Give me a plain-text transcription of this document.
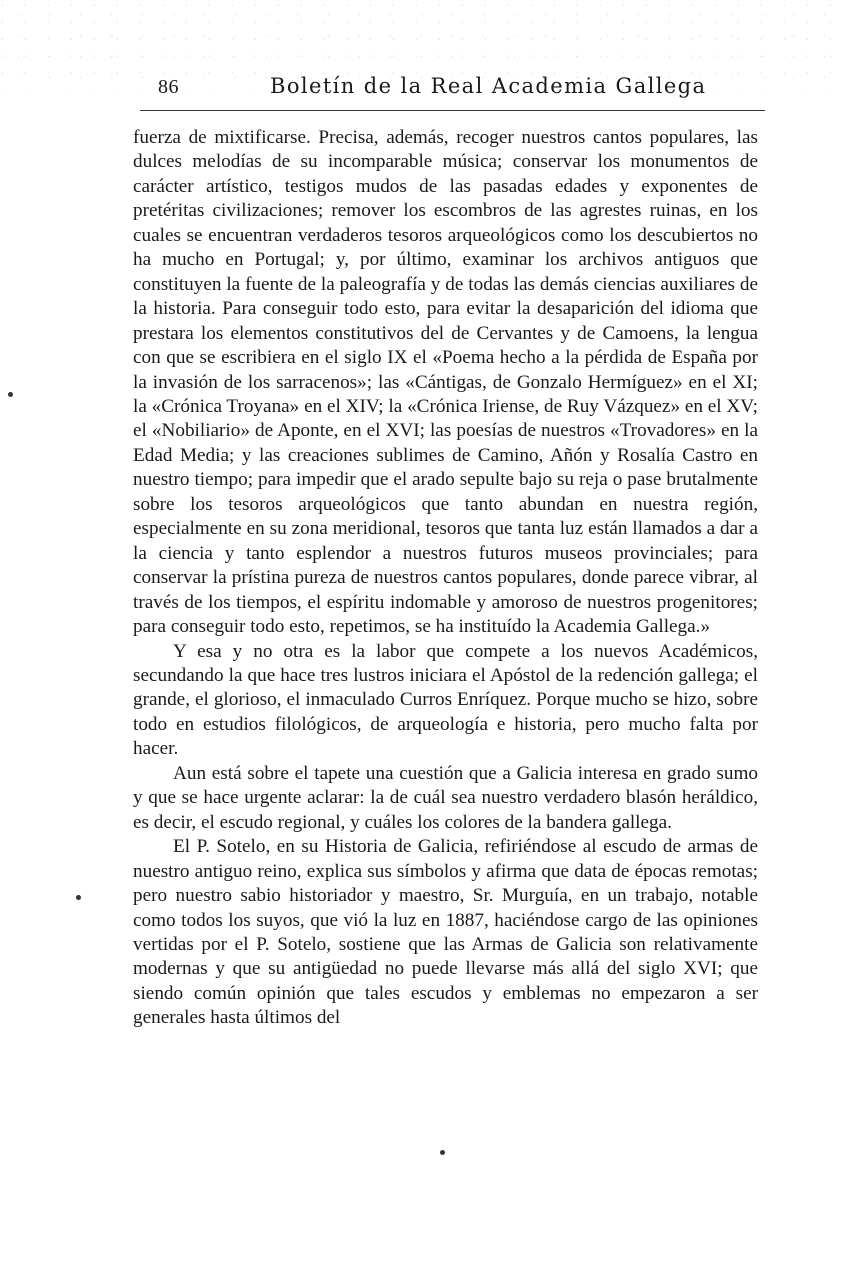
86	Boletín de la Real Academia Gallega

fuerza de mixtificarse. Precisa, además, recoger nuestros cantos populares, las dulces melodías de su incomparable música; conservar los monumentos de carácter artístico, testigos mudos de las pasadas edades y exponentes de pretéritas civilizaciones; remover los escombros de las agrestes ruinas, en los cuales se encuentran verdaderos tesoros arqueológicos como los descubiertos no ha mucho en Portugal; y, por último, examinar los archivos antiguos que constituyen la fuente de la paleografía y de todas las demás ciencias auxiliares de la historia. Para conseguir todo esto, para evitar la desaparición del idioma que prestara los elementos constitutivos del de Cervantes y de Camoens, la lengua con que se escribiera en el siglo IX el «Poema hecho a la pérdida de España por la invasión de los sarracenos»; las «Cántigas, de Gonzalo Hermíguez» en el XI; la «Crónica Troyana» en el XIV; la «Crónica Iriense, de Ruy Vázquez» en el XV; el «Nobiliario» de Aponte, en el XVI; las poesías de nuestros «Trovadores» en la Edad Media; y las creaciones sublimes de Camino, Añón y Rosalía Castro en nuestro tiempo; para impedir que el arado sepulte bajo su reja o pase brutalmente sobre los tesoros arqueológicos que tanto abundan en nuestra región, especialmente en su zona meridional, tesoros que tanta luz están llamados a dar a la ciencia y tanto esplendor a nuestros futuros museos provinciales; para conservar la prístina pureza de nuestros cantos populares, donde parece vibrar, al través de los tiempos, el espíritu indomable y amoroso de nuestros progenitores; para conseguir todo esto, repetimos, se ha instituído la Academia Gallega.»

Y esa y no otra es la labor que compete a los nuevos Académicos, secundando la que hace tres lustros iniciara el Apóstol de la redención gallega; el grande, el glorioso, el inmaculado Curros Enríquez. Porque mucho se hizo, sobre todo en estudios filológicos, de arqueología e historia, pero mucho falta por hacer.

Aun está sobre el tapete una cuestión que a Galicia interesa en grado sumo y que se hace urgente aclarar: la de cuál sea nuestro verdadero blasón heráldico, es decir, el escudo regional, y cuáles los colores de la bandera gallega.

El P. Sotelo, en su Historia de Galicia, refiriéndose al escudo de armas de nuestro antiguo reino, explica sus símbolos y afirma que data de épocas remotas; pero nuestro sabio historiador y maestro, Sr. Murguía, en un trabajo, notable como todos los suyos, que vió la luz en 1887, haciéndose cargo de las opiniones vertidas por el P. Sotelo, sostiene que las Armas de Galicia son relativamente modernas y que su antigüedad no puede llevarse más allá del siglo XVI; que siendo común opinión que tales escudos y emblemas no empezaron a ser generales hasta últimos del
